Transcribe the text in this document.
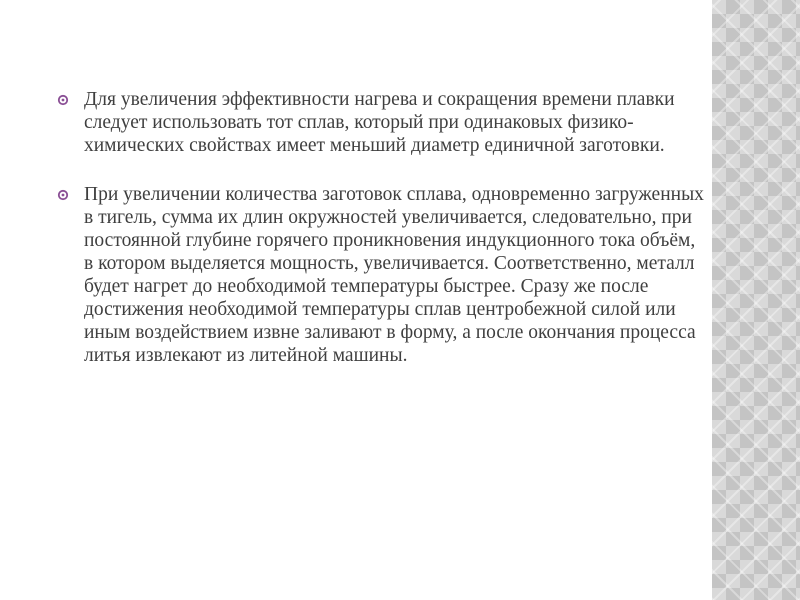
Для увеличения эффективности нагрева и сокращения времени плавки следует использовать тот сплав, который при одинаковых физико-химических свойствах имеет меньший диаметр единичной заготовки.
При увеличении количества заготовок сплава, одновременно загруженных в тигель, сумма их длин окружностей увеличивается, следовательно, при постоянной глубине горячего проникновения индукционного тока объём, в котором выделяется мощность, увеличивается. Соответственно, металл будет нагрет до необходимой температуры быстрее. Сразу же после достижения необходимой температуры сплав центробежной силой или иным воздействием извне заливают в форму, а после окончания процесса литья извлекают из литейной машины.
